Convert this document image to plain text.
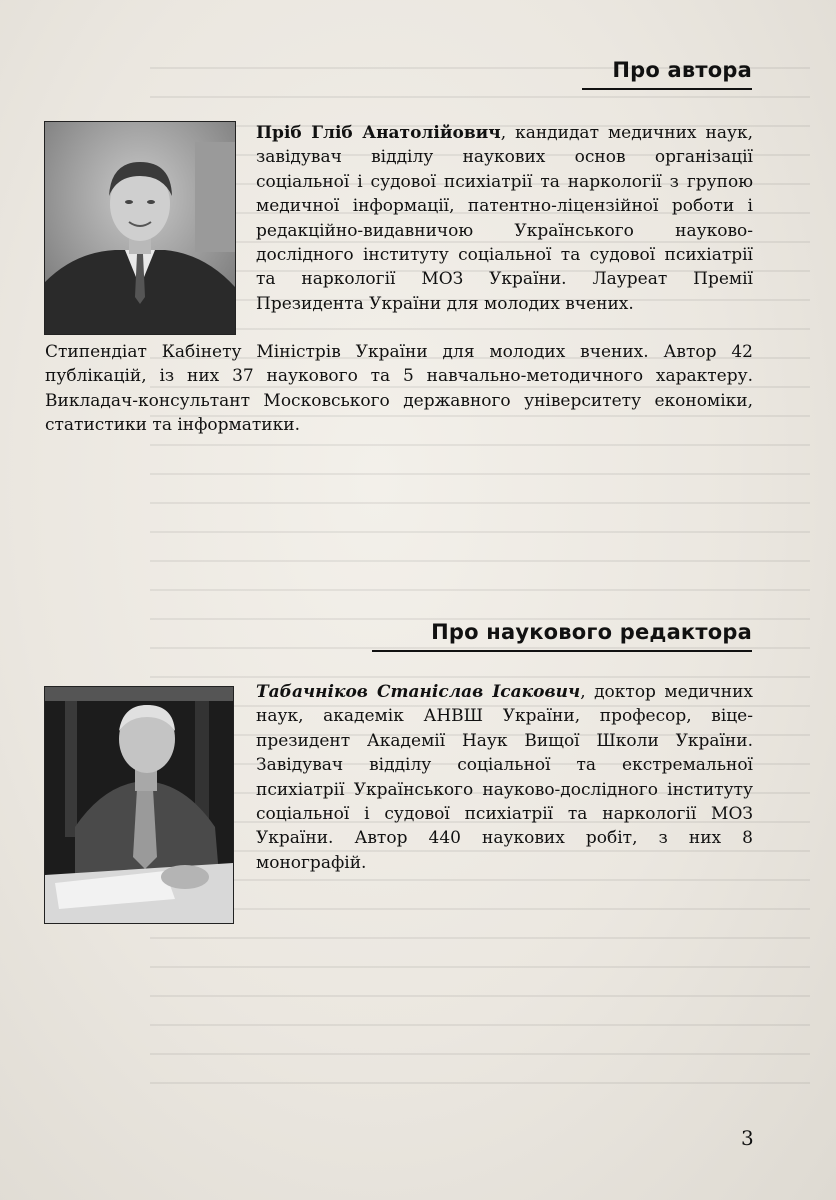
Про автора
Пріб Гліб Анатолійович, кандидат медичних наук, завідувач відділу наукових основ організації соціальної і судової психіатрії та наркології з групою медичної інформації, патентно-ліцензійної роботи і редакційно-видавничою Українського науково-дослідного інституту соціальної та судової психіатрії та наркології МОЗ України. Лауреат Премії Президента України для молодих вчених.
Стипендіат Кабінету Міністрів України для молодих вчених. Автор 42 публікацій, із них 37 наукового та 5 навчально-методичного характеру. Викладач-консультант Московського державного університету економіки, статистики та інформатики.
Про наукового редактора
Табачніков Станіслав Ісакович, доктор медичних наук, академік АНВШ України, професор, віце-президент Академії Наук Вищої Школи України. Завідувач відділу соціальної та екстремальної психіатрії Українського науково-дослідного інституту соціальної і судової психіатрії та наркології МОЗ України. Автор 440 наукових робіт, з них 8 монографій.
3
